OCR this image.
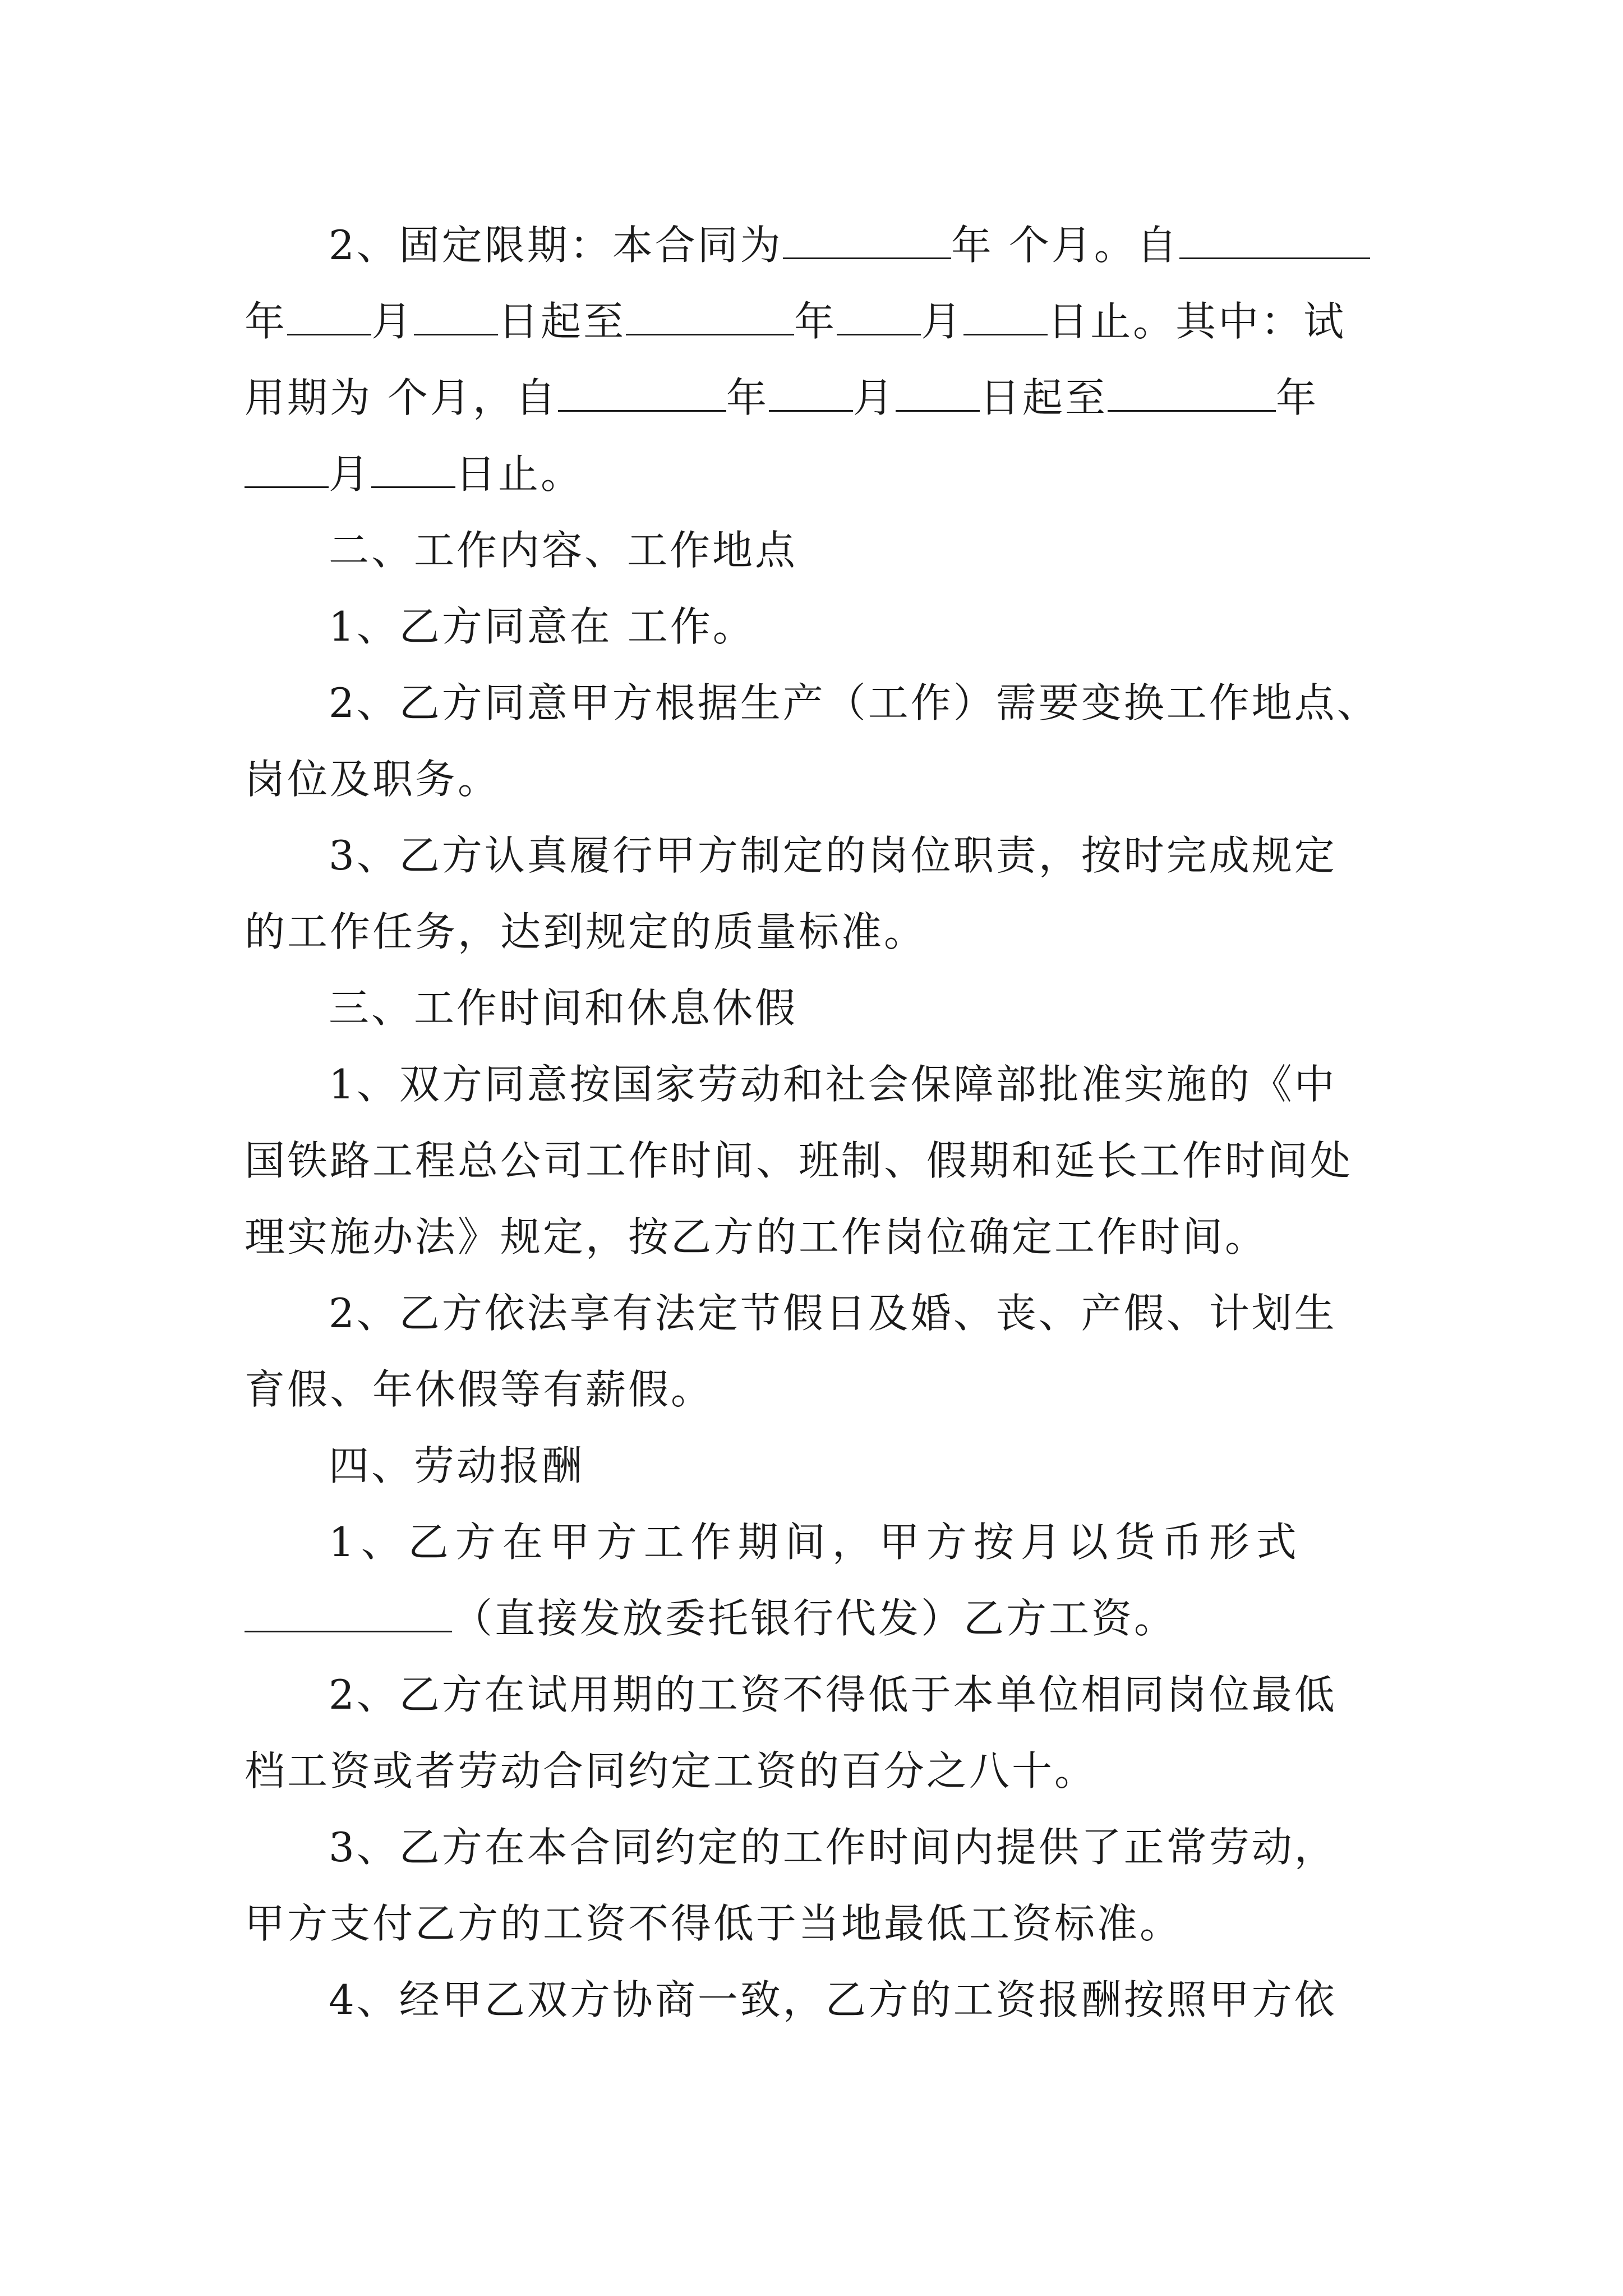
2、固定限期：本合同为	年 个月。自
年 月 日起至	年 月 日止。其中：试
用期为 个月，自	年 月 日起至	年
月 日止。
二、工作内容、工作地点
1、乙方同意在 工作。
2、乙方同意甲方根据生产（工作）需要变换工作地点、
岗位及职务。
3、乙方认真履行甲方制定的岗位职责，按时完成规定
的工作任务，达到规定的质量标准。
三、工作时间和休息休假
1、双方同意按国家劳动和社会保障部批准实施的《中
国铁路工程总公司工作时间、班制、假期和延长工作时间处
理实施办法》规定，按乙方的工作岗位确定工作时间。
2、乙方依法享有法定节假日及婚、丧、产假、计划生
育假、年休假等有薪假。
四、劳动报酬
1、乙方在甲方工作期间，甲方按月以货币形式
（直接发放委托银行代发）乙方工资。
2、乙方在试用期的工资不得低于本单位相同岗位最低
档工资或者劳动合同约定工资的百分之八十。
3、乙方在本合同约定的工作时间内提供了正常劳动，
甲方支付乙方的工资不得低于当地最低工资标准。
4、经甲乙双方协商一致，乙方的工资报酬按照甲方依
